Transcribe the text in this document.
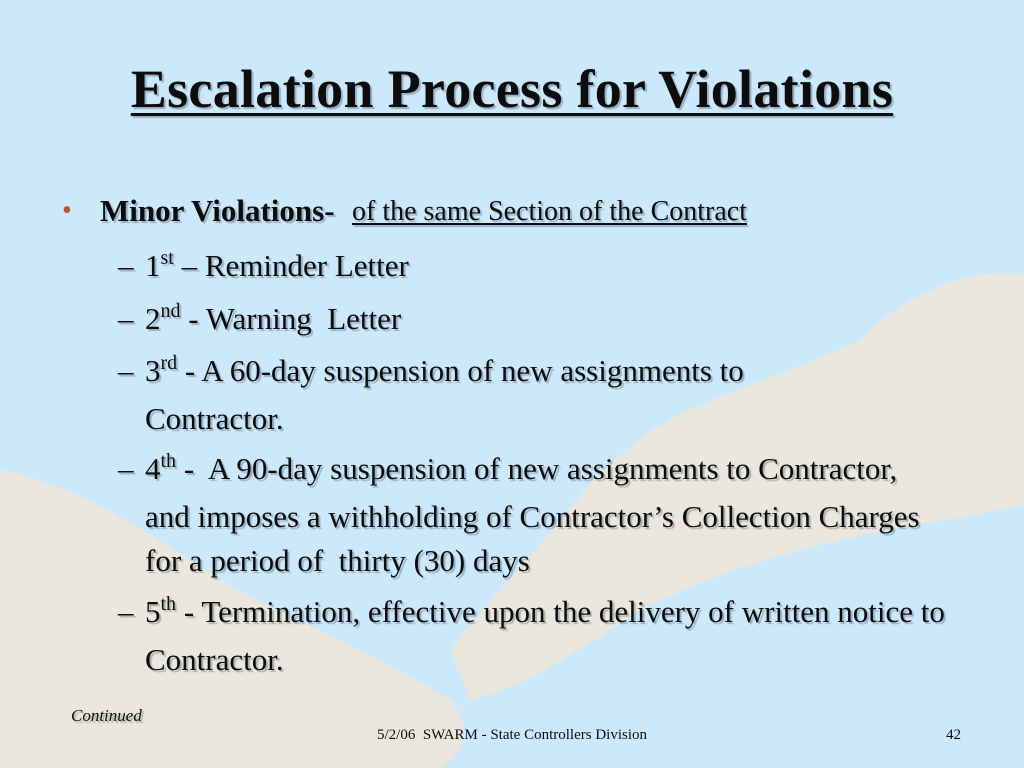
Escalation Process for Violations
• Minor Violations- of the same Section of the Contract
– 1st – Reminder Letter
– 2nd - Warning  Letter
– 3rd - A 60-day suspension of new assignments to Contractor.
– 4th -  A 90-day suspension of new assignments to Contractor, and imposes a withholding of Contractor’s Collection Charges for a period of  thirty (30) days
– 5th - Termination, effective upon the delivery of written notice to Contractor.
Continued
5/2/06  SWARM - State Controllers Division	42
